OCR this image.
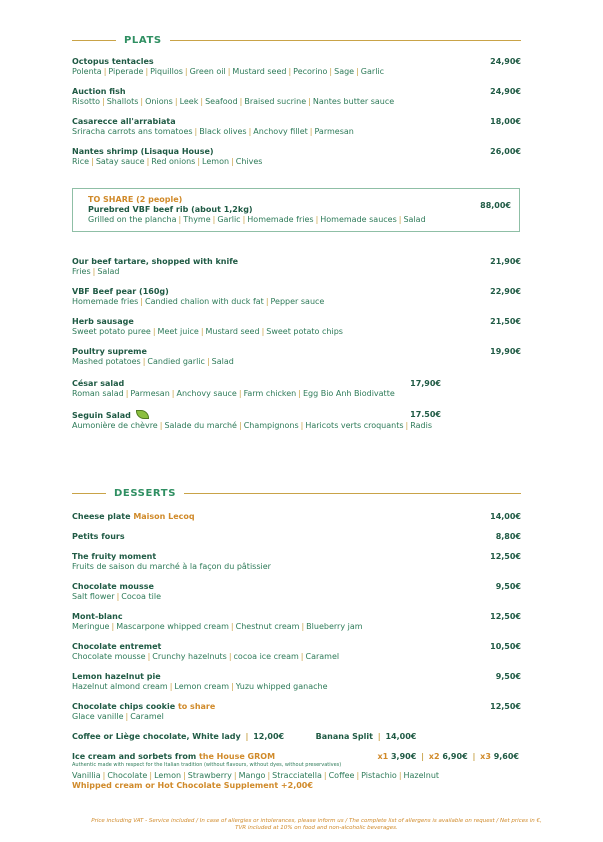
PLATS
Octopus tentacles
Polenta | Piperade | Piquillos | Green oil | Mustard seed | Pecorino | Sage | Garlic
24,90€
Auction fish
Risotto | Shallots | Onions | Leek | Seafood | Braised sucrine | Nantes butter sauce
24,90€
Casarecce all'arrabiata
Sriracha carrots ans tomatoes | Black olives | Anchovy fillet | Parmesan
18,00€
Nantes shrimp (Lisaqua House)
Rice | Satay sauce | Red onions | Lemon | Chives
26,00€
TO SHARE (2 people)
Purebred VBF beef rib (about 1,2kg)
Grilled on the plancha | Thyme | Garlic | Homemade fries | Homemade sauces | Salad
88,00€
Our beef tartare, shopped with knife
Fries | Salad
21,90€
VBF Beef pear (160g)
Homemade fries | Candied chalion with duck fat | Pepper sauce
22,90€
Herb sausage
Sweet potato puree | Meet juice | Mustard seed | Sweet potato chips
21,50€
Poultry supreme
Mashed potatoes | Candied garlic | Salad
19,90€
César salad
Roman salad | Parmesan | Anchovy sauce | Farm chicken | Egg Bio Anh Biodivatte
17,90€
Seguin Salad
Aumonière de chèvre | Salade du marché | Champignons | Haricots verts croquants | Radis
17.50€
DESSERTS
Cheese plate Maison Lecoq	14,00€
Petits fours	8,80€
The fruity moment
Fruits de saison du marché à la façon du pâtissier
12,50€
Chocolate mousse
Salt flower | Cocoa tile
9,50€
Mont-blanc
Meringue | Mascarpone whipped cream | Chestnut cream | Blueberry jam
12,50€
Chocolate entremet
Chocolate mousse | Crunchy hazelnuts | cocoa ice cream | Caramel
10,50€
Lemon hazelnut pie
Hazelnut almond cream | Lemon cream | Yuzu whipped ganache
9,50€
Chocolate chips cookie to share
Glace vanille | Caramel
12,50€
Coffee or Liège chocolate, White lady | 12,00€	Banana Split | 14,00€
Ice cream and sorbets from the House GROM	x1 3,90€ | x2 6,90€ | x3 9,60€
Authentic made with respect for the Italian tradition (without flavours, without dyes, without preservatives)
Vanillia | Chocolate | Lemon | Strawberry | Mango | Stracciatella | Coffee | Pistachio | Hazelnut
Whipped cream or Hot Chocolate Supplement +2,00€
Price including VAT - Service included / In case of allergies or intolerances, please inform us / The complete list of allergens is available on request / Net prices in €,
TVR included at 10% on food and non-alcoholic beverages.
